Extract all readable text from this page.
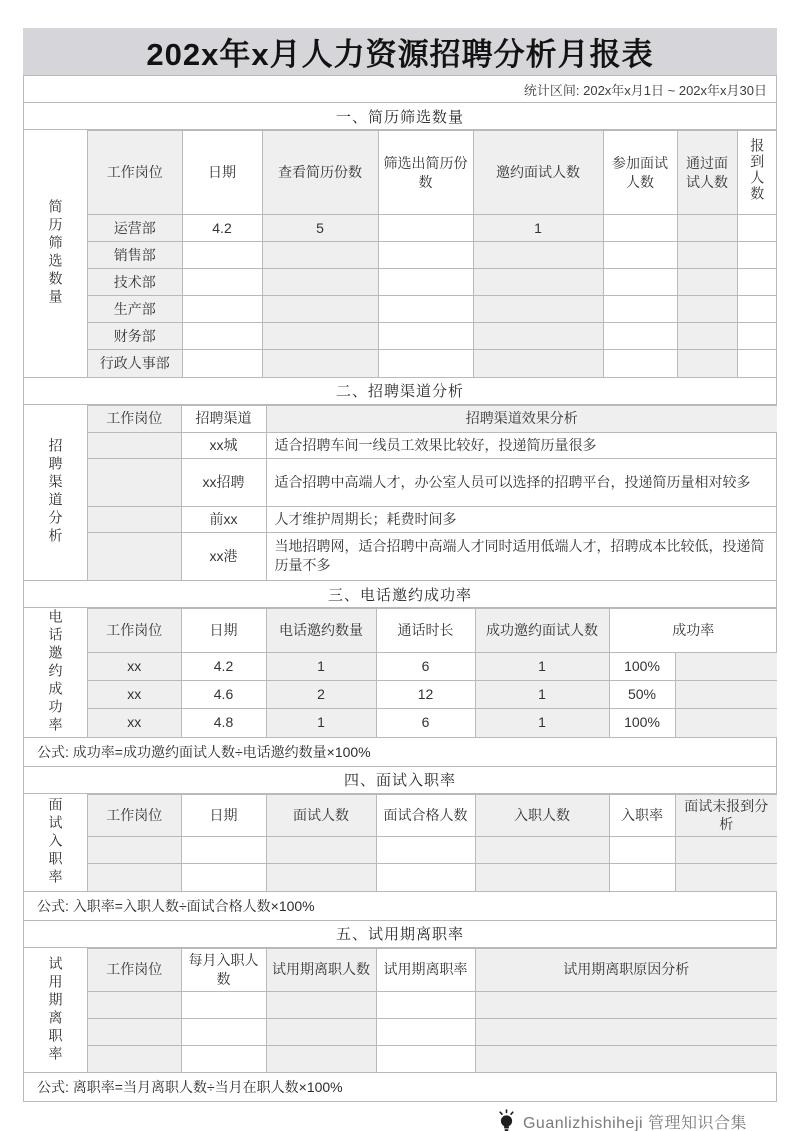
202x年x月人力资源招聘分析月报表
统计区间: 202x年x月1日 ~ 202x年x月30日
一、简历筛选数量
简历筛选数量
工作岗位	日期	查看简历份数	筛选出简历份数	邀约面试人数	参加面试人数	通过面试人数	报到人数
运营部	4.2	5		1			
销售部							
技术部							
生产部							
财务部							
行政人事部							
二、招聘渠道分析
招聘渠道分析
工作岗位	招聘渠道	招聘渠道效果分析
	xx城	适合招聘车间一线员工效果比较好，投递简历量很多
	xx招聘	适合招聘中高端人才，办公室人员可以选择的招聘平台，投递简历量相对较多
	前xx	人才维护周期长；耗费时间多
	xx港	当地招聘网，适合招聘中高端人才同时适用低端人才，招聘成本比较低，投递简历量不多
三、电话邀约成功率
电话邀约成功率	工作岗位	日期	电话邀约数量	通话时长	成功邀约面试人数	成功率	
xx	4.2	1	6	1	100%	
xx	4.6	2	12	1	50%	
xx	4.8	1	6	1	100%	
公式: 成功率=成功邀约面试人数÷电话邀约数量×100%
四、面试入职率
面试入职率	工作岗位	日期	面试人数	面试合格人数	入职人数	入职率	面试未报到分析

公式: 入职率=入职人数÷面试合格人数×100%
五、试用期离职率
试用期离职率	工作岗位	每月入职人数	试用期离职人数	试用期离职率	试用期离职原因分析

公式: 离职率=当月离职人数÷当月在职人数×100%
Guanlizhishiheji 管理知识合集
